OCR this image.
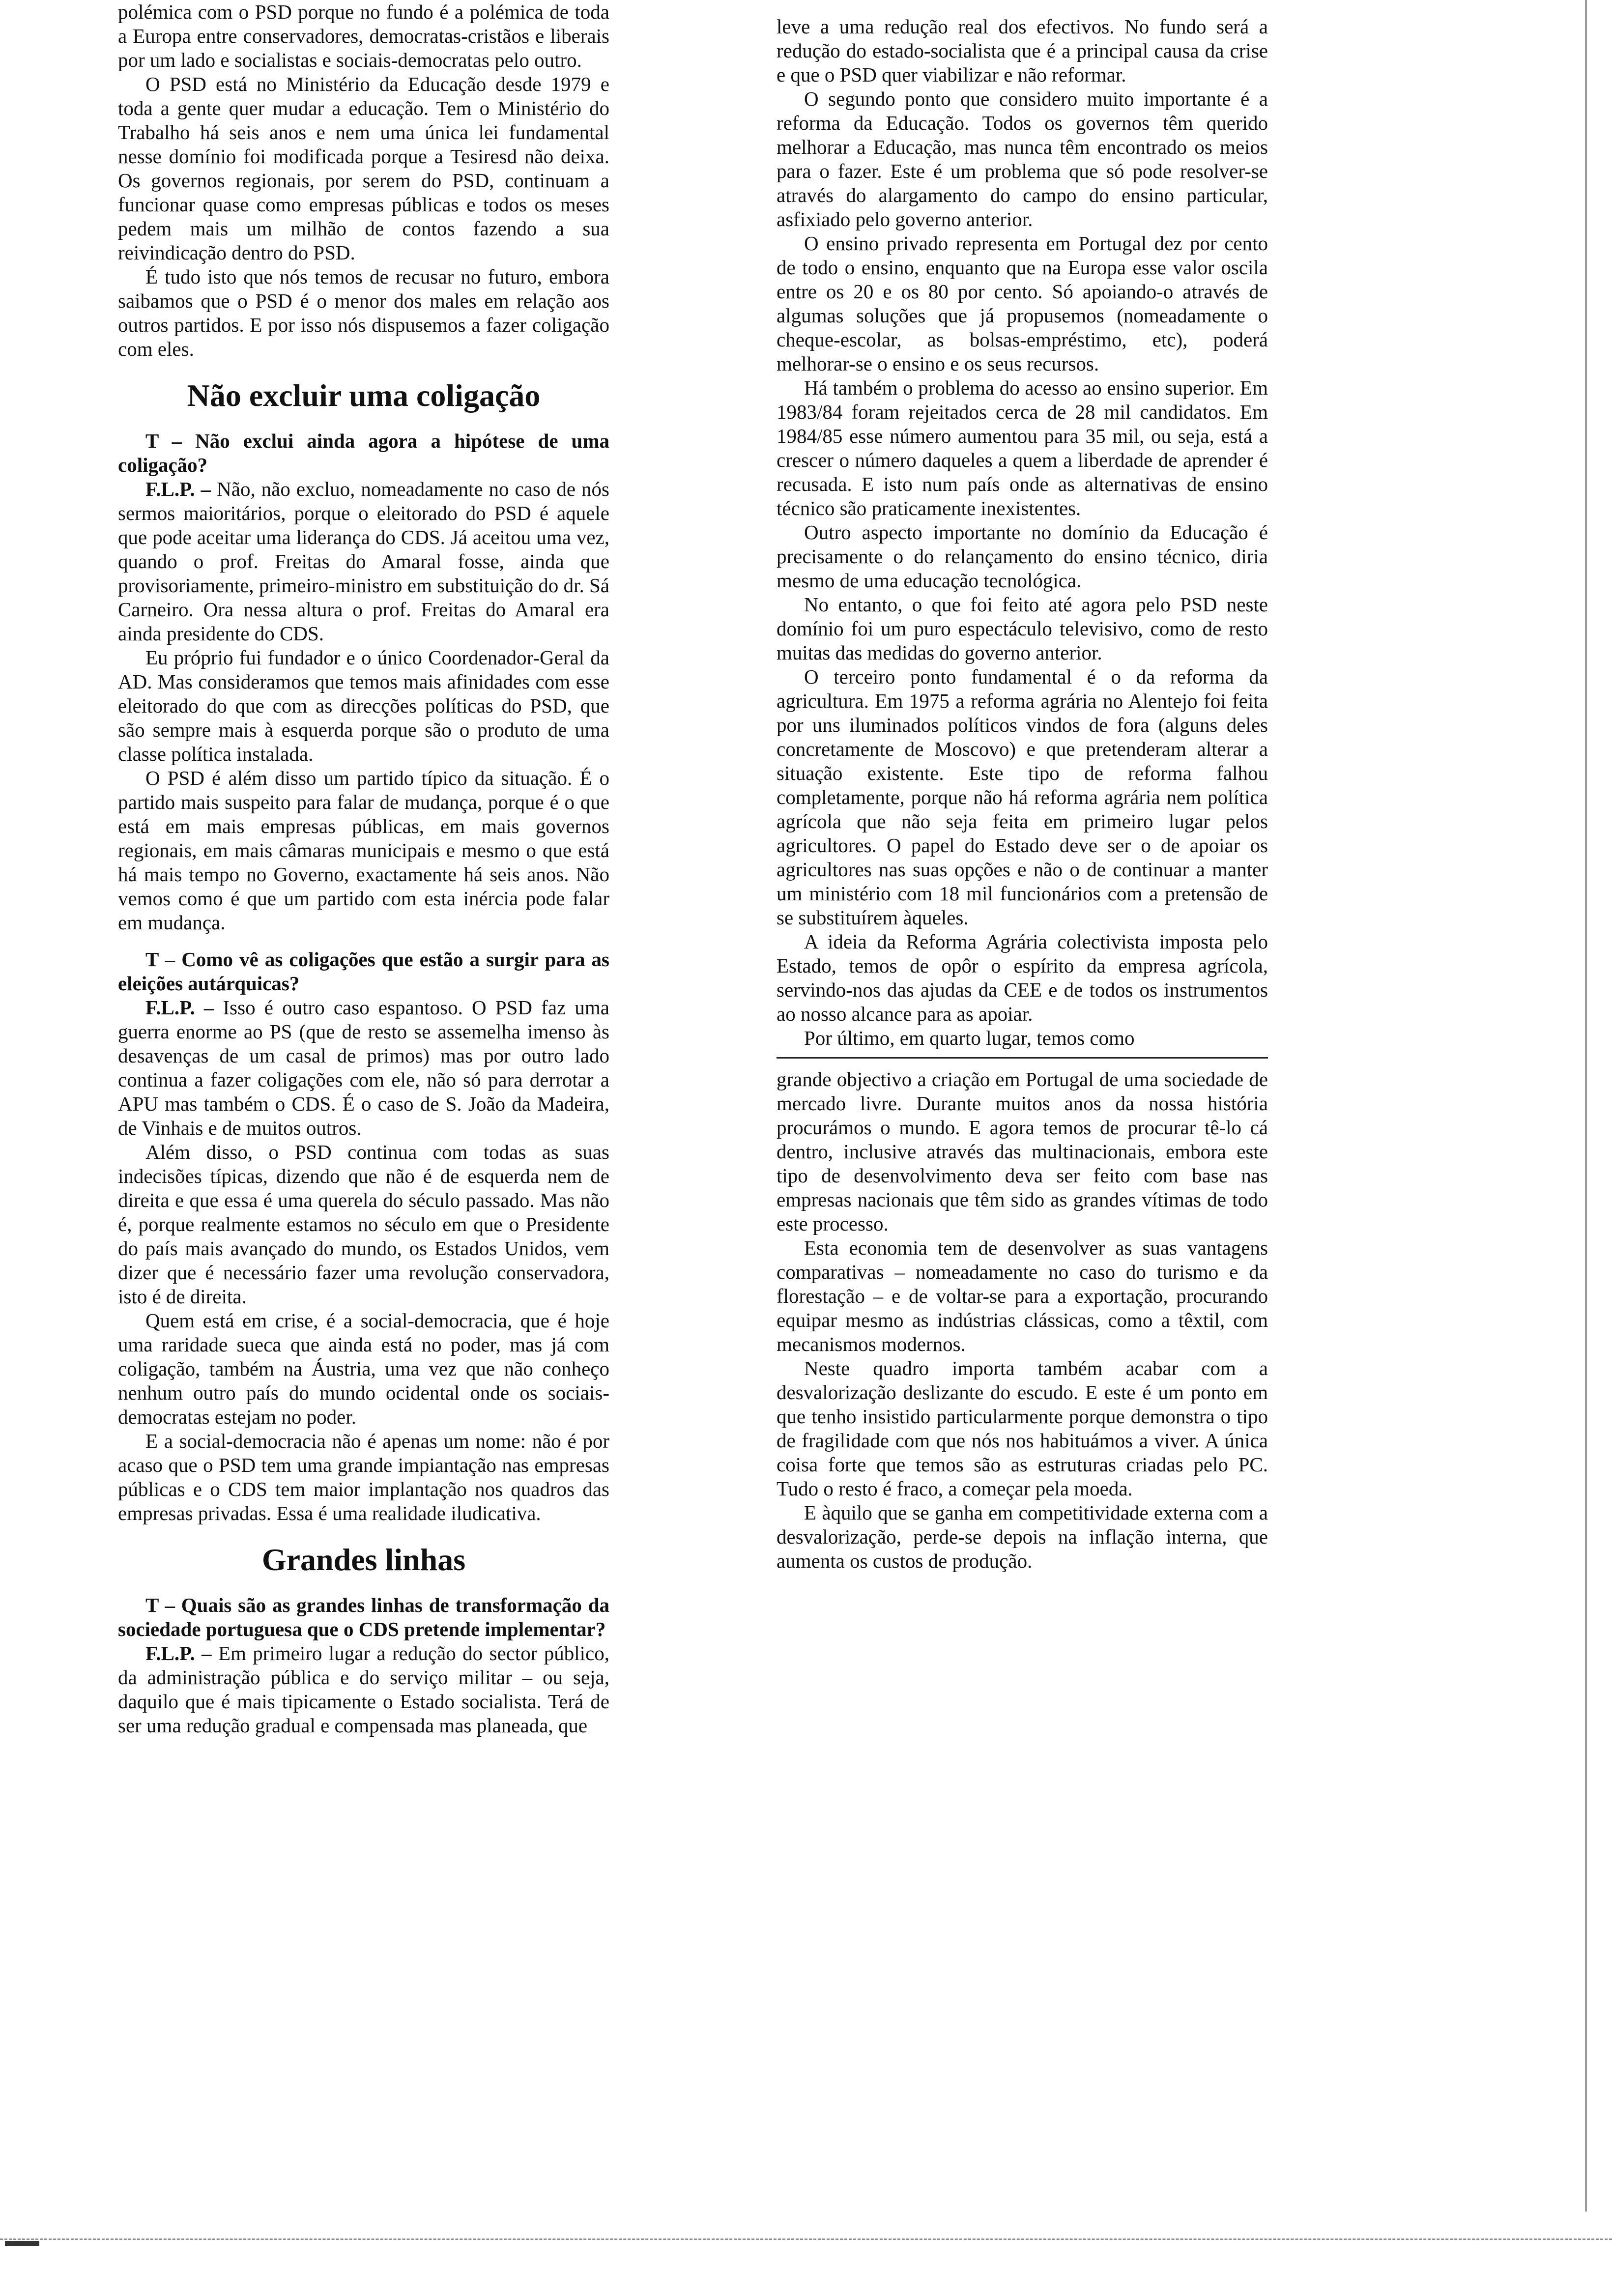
polémica com o PSD porque no fundo é a polémica de toda a Europa entre conservadores, democratas-cristãos e liberais por um lado e socialistas e sociais-democratas pelo outro.

O PSD está no Ministério da Educação desde 1979 e toda a gente quer mudar a educação. Tem o Ministério do Trabalho há seis anos e nem uma única lei fundamental nesse domínio foi modificada porque a Tesiresd não deixa. Os governos regionais, por serem do PSD, continuam a funcionar quase como empresas públicas e todos os meses pedem mais um milhão de contos fazendo a sua reivindicação dentro do PSD.

É tudo isto que nós temos de recusar no futuro, embora saibamos que o PSD é o menor dos males em relação aos outros partidos. E por isso nós dispusemos a fazer coligação com eles.

Não excluir uma coligação

T – Não exclui ainda agora a hipótese de uma coligação?

F.L.P. – Não, não excluo, nomeadamente no caso de nós sermos maioritários, porque o eleitorado do PSD é aquele que pode aceitar uma liderança do CDS. Já aceitou uma vez, quando o prof. Freitas do Amaral fosse, ainda que provisoriamente, primeiro-ministro em substituição do dr. Sá Carneiro. Ora nessa altura o prof. Freitas do Amaral era ainda presidente do CDS.

Eu próprio fui fundador e o único Coordenador-Geral da AD. Mas consideramos que temos mais afinidades com esse eleitorado do que com as direcções políticas do PSD, que são sempre mais à esquerda porque são o produto de uma classe política instalada.

O PSD é além disso um partido típico da situação. É o partido mais suspeito para falar de mudança, porque é o que está em mais empresas públicas, em mais governos regionais, em mais câmaras municipais e mesmo o que está há mais tempo no Governo, exactamente há seis anos. Não vemos como é que um partido com esta inércia pode falar em mudança.

T – Como vê as coligações que estão a surgir para as eleições autárquicas?

F.L.P. – Isso é outro caso espantoso. O PSD faz uma guerra enorme ao PS (que de resto se assemelha imenso às desavenças de um casal de primos) mas por outro lado continua a fazer coligações com ele, não só para derrotar a APU mas também o CDS. É o caso de S. João da Madeira, de Vinhais e de muitos outros.

Além disso, o PSD continua com todas as suas indecisões típicas, dizendo que não é de esquerda nem de direita e que essa é uma querela do século passado. Mas não é, porque realmente estamos no século em que o Presidente do país mais avançado do mundo, os Estados Unidos, vem dizer que é necessário fazer uma revolução conservadora, isto é de direita.

Quem está em crise, é a social-democracia, que é hoje uma raridade sueca que ainda está no poder, mas já com coligação, também na Áustria, uma vez que não conheço nenhum outro país do mundo ocidental onde os sociais-democratas estejam no poder.

E a social-democracia não é apenas um nome: não é por acaso que o PSD tem uma grande impiantação nas empresas públicas e o CDS tem maior implantação nos quadros das empresas privadas. Essa é uma realidade iludicativa.

Grandes linhas

T – Quais são as grandes linhas de transformação da sociedade portuguesa que o CDS pretende implementar?

F.L.P. – Em primeiro lugar a redução do sector público, da administração pública e do serviço militar – ou seja, daquilo que é mais tipicamente o Estado socialista. Terá de ser uma redução gradual e compensada mas planeada, que

leve a uma redução real dos efectivos. No fundo será a redução do estado-socialista que é a principal causa da crise e que o PSD quer viabilizar e não reformar.

O segundo ponto que considero muito importante é a reforma da Educação. Todos os governos têm querido melhorar a Educação, mas nunca têm encontrado os meios para o fazer. Este é um problema que só pode resolver-se através do alargamento do campo do ensino particular, asfixiado pelo governo anterior.

O ensino privado representa em Portugal dez por cento de todo o ensino, enquanto que na Europa esse valor oscila entre os 20 e os 80 por cento. Só apoiando-o através de algumas soluções que já propusemos (nomeadamente o cheque-escolar, as bolsas-empréstimo, etc), poderá melhorar-se o ensino e os seus recursos.

Há também o problema do acesso ao ensino superior. Em 1983/84 foram rejeitados cerca de 28 mil candidatos. Em 1984/85 esse número aumentou para 35 mil, ou seja, está a crescer o número daqueles a quem a liberdade de aprender é recusada. E isto num país onde as alternativas de ensino técnico são praticamente inexistentes.

Outro aspecto importante no domínio da Educação é precisamente o do relançamento do ensino técnico, diria mesmo de uma educação tecnológica.

No entanto, o que foi feito até agora pelo PSD neste domínio foi um puro espectáculo televisivo, como de resto muitas das medidas do governo anterior.

O terceiro ponto fundamental é o da reforma da agricultura. Em 1975 a reforma agrária no Alentejo foi feita por uns iluminados políticos vindos de fora (alguns deles concretamente de Moscovo) e que pretenderam alterar a situação existente. Este tipo de reforma falhou completamente, porque não há reforma agrária nem política agrícola que não seja feita em primeiro lugar pelos agricultores. O papel do Estado deve ser o de apoiar os agricultores nas suas opções e não o de continuar a manter um ministério com 18 mil funcionários com a pretensão de se substituírem àqueles.

A ideia da Reforma Agrária colectivista imposta pelo Estado, temos de opôr o espírito da empresa agrícola, servindo-nos das ajudas da CEE e de todos os instrumentos ao nosso alcance para as apoiar.

Por último, em quarto lugar, temos como

grande objectivo a criação em Portugal de uma sociedade de mercado livre. Durante muitos anos da nossa história procurámos o mundo. E agora temos de procurar tê-lo cá dentro, inclusive através das multinacionais, embora este tipo de desenvolvimento deva ser feito com base nas empresas nacionais que têm sido as grandes vítimas de todo este processo.

Esta economia tem de desenvolver as suas vantagens comparativas – nomeadamente no caso do turismo e da florestação – e de voltar-se para a exportação, procurando equipar mesmo as indústrias clássicas, como a têxtil, com mecanismos modernos.

Neste quadro importa também acabar com a desvalorização deslizante do escudo. E este é um ponto em que tenho insistido particularmente porque demonstra o tipo de fragilidade com que nós nos habituámos a viver. A única coisa forte que temos são as estruturas criadas pelo PC. Tudo o resto é fraco, a começar pela moeda.

E àquilo que se ganha em competitividade externa com a desvalorização, perde-se depois na inflação interna, que aumenta os custos de produção.
